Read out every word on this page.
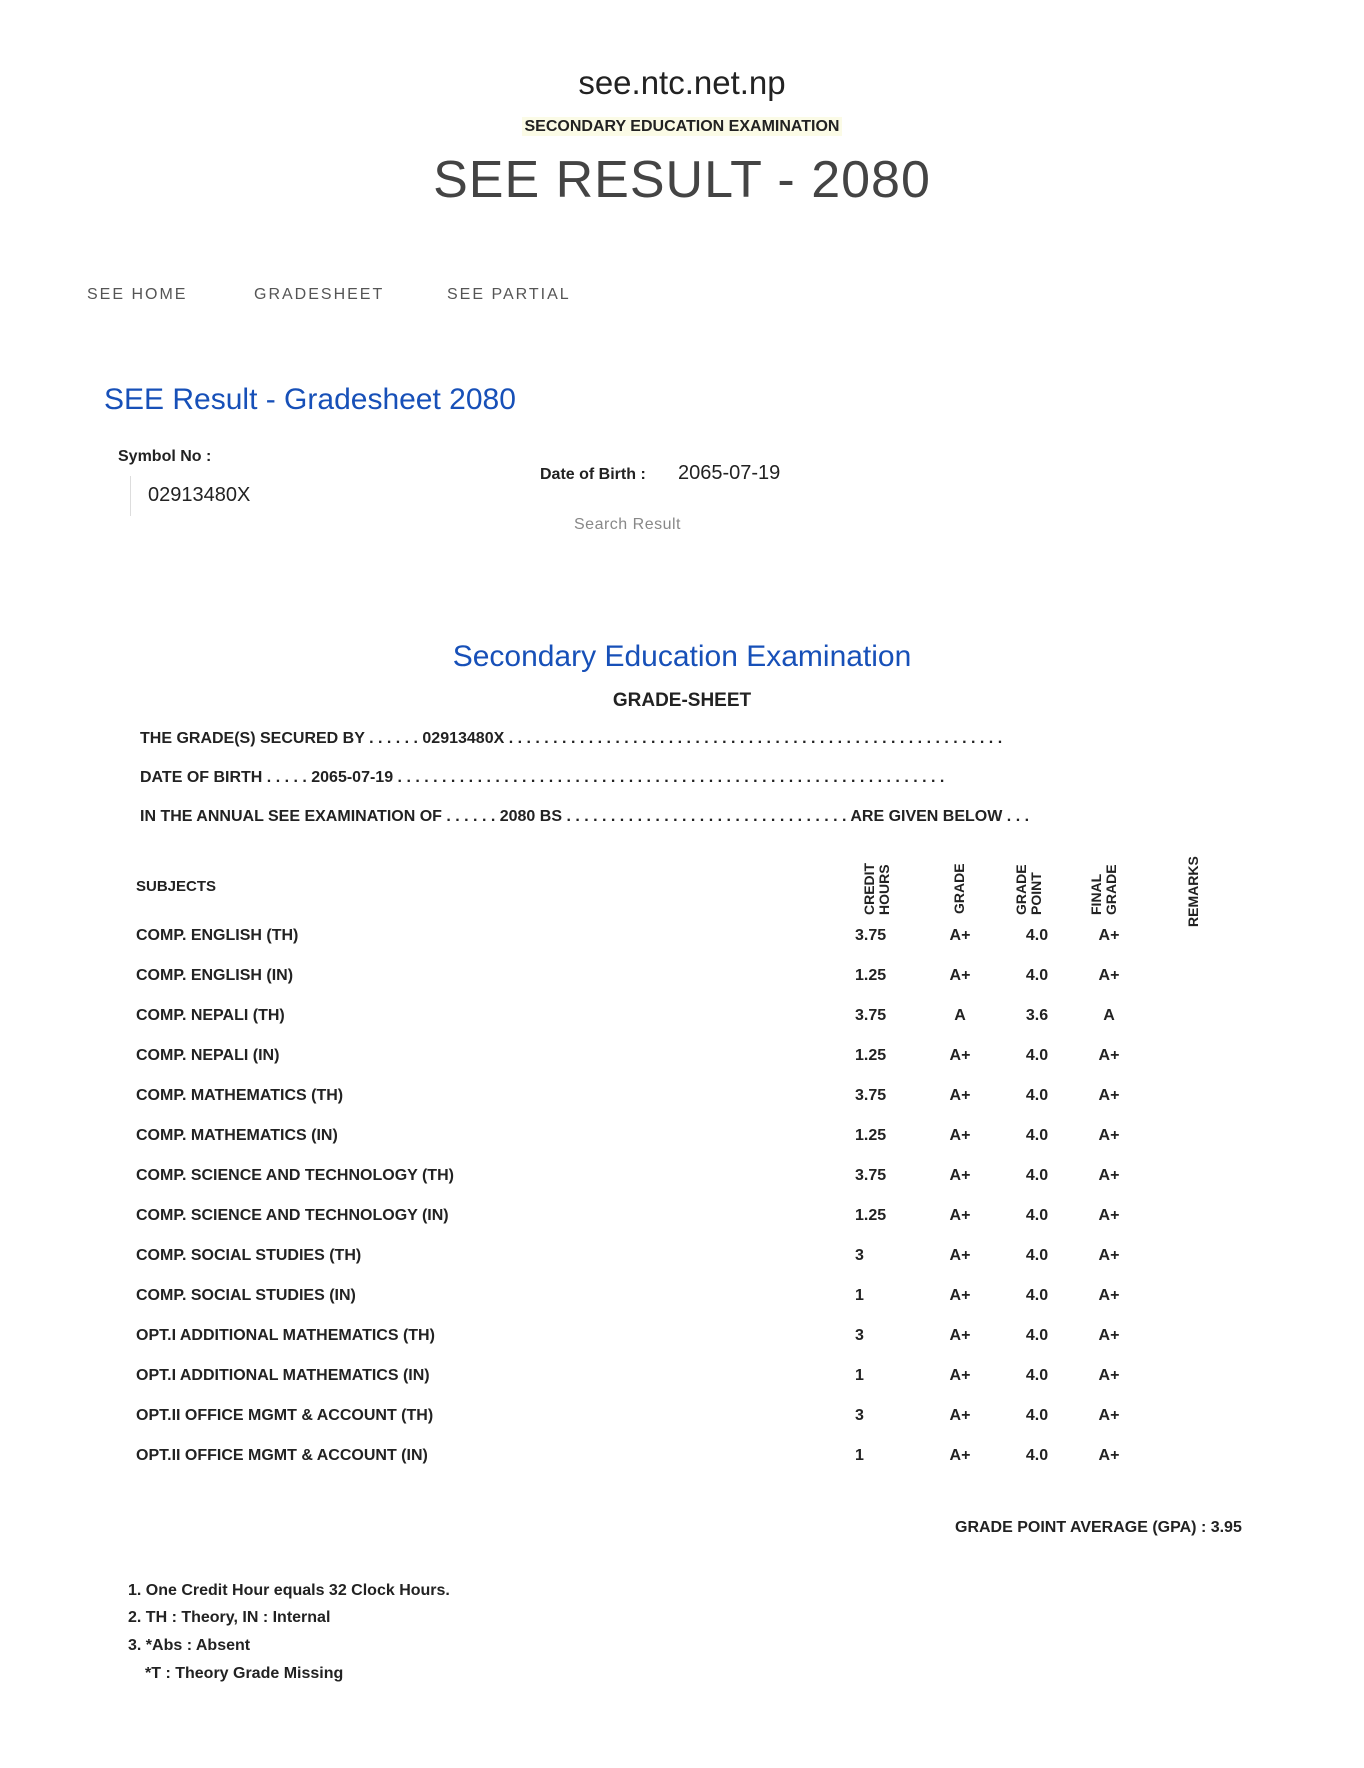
see.ntc.net.np
SECONDARY EDUCATION EXAMINATION
SEE RESULT - 2080
SEE HOME	GRADESHEET	SEE PARTIAL
SEE Result - Gradesheet 2080
Symbol No :
02913480X
Date of Birth : 2065-07-19
Search Result
Secondary Education Examination
GRADE-SHEET
THE GRADE(S) SECURED BY . . . . . . 02913480X . . . . . . . . . . . . . . . . . . . . . . . . . . . . . . . . . . . . . . . . . . . . . . . . . . . . . . . .
DATE OF BIRTH . . . . . 2065-07-19 . . . . . . . . . . . . . . . . . . . . . . . . . . . . . . . . . . . . . . . . . . . . . . . . . . . . . . . . . . . . . .
IN THE ANNUAL SEE EXAMINATION OF . . . . . . 2080 BS . . . . . . . . . . . . . . . . . . . . . . . . . . . . . . . . ARE GIVEN BELOW . . .
SUBJECTS	CREDIT HOURS	GRADE	GRADE POINT	FINAL GRADE	REMARKS
COMP. ENGLISH (TH)	3.75	A+	4.0	A+
COMP. ENGLISH (IN)	1.25	A+	4.0	A+
COMP. NEPALI (TH)	3.75	A	3.6	A
COMP. NEPALI (IN)	1.25	A+	4.0	A+
COMP. MATHEMATICS (TH)	3.75	A+	4.0	A+
COMP. MATHEMATICS (IN)	1.25	A+	4.0	A+
COMP. SCIENCE AND TECHNOLOGY (TH)	3.75	A+	4.0	A+
COMP. SCIENCE AND TECHNOLOGY (IN)	1.25	A+	4.0	A+
COMP. SOCIAL STUDIES (TH)	3	A+	4.0	A+
COMP. SOCIAL STUDIES (IN)	1	A+	4.0	A+
OPT.I ADDITIONAL MATHEMATICS (TH)	3	A+	4.0	A+
OPT.I ADDITIONAL MATHEMATICS (IN)	1	A+	4.0	A+
OPT.II OFFICE MGMT & ACCOUNT (TH)	3	A+	4.0	A+
OPT.II OFFICE MGMT & ACCOUNT (IN)	1	A+	4.0	A+
GRADE POINT AVERAGE (GPA) : 3.95
1. One Credit Hour equals 32 Clock Hours.
2. TH : Theory, IN : Internal
3. *Abs : Absent
*T : Theory Grade Missing
